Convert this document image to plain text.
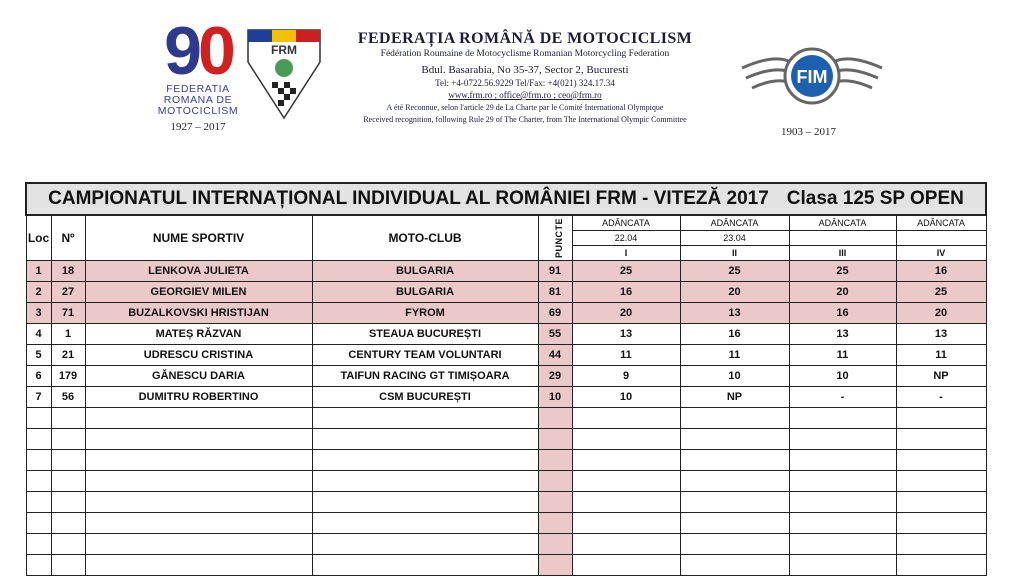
90
FEDERATIA
ROMANA DE
MOTOCICLISM
1927 – 2017
FRM
FEDERAȚIA ROMÂNĂ DE MOTOCICLISM
Fédération Roumaine de Motocyclisme Romanian Motorcycling Federation
Bdul. Basarabia, No 35-37, Sector 2, Bucuresti
Tel: +4-0722.56.9229 Tel/Fax: +4(021) 324.17.34
www.frm.ro ; office@frm.ro ; ceo@frm.ro
A été Reconnue, selon l'article 29 de La Charte par le Comité International Olympique
Received recognition, following Rule 29 of The Charter, from The International Olympic Committee
FIM
1903 – 2017
CAMPIONATUL INTERNAȚIONAL INDIVIDUAL AL ROMÂNIEI FRM - VITEZĂ 2017 Clasa 125 SP OPEN								
Loc	Nº	NUME SPORTIV	MOTO-CLUB	PUNCTE	ADÂNCATA	ADÂNCATA	ADÂNCATA	ADÂNCATA
					22.04	23.04		
					I	II	III	IV
1	18	LENKOVA JULIETA	BULGARIA	91	25	25	25	16
2	27	GEORGIEV MILEN	BULGARIA	81	16	20	20	25
3	71	BUZALKOVSKI HRISTIJAN	FYROM	69	20	13	16	20
4	1	MATEȘ RĂZVAN	STEAUA BUCUREȘTI	55	13	16	13	13
5	21	UDRESCU CRISTINA	CENTURY TEAM VOLUNTARI	44	11	11	11	11
6	179	GĂNESCU DARIA	TAIFUN RACING GT TIMIȘOARA	29	9	10	10	NP
7	56	DUMITRU ROBERTINO	CSM BUCUREȘTI	10	10	NP	-	-
